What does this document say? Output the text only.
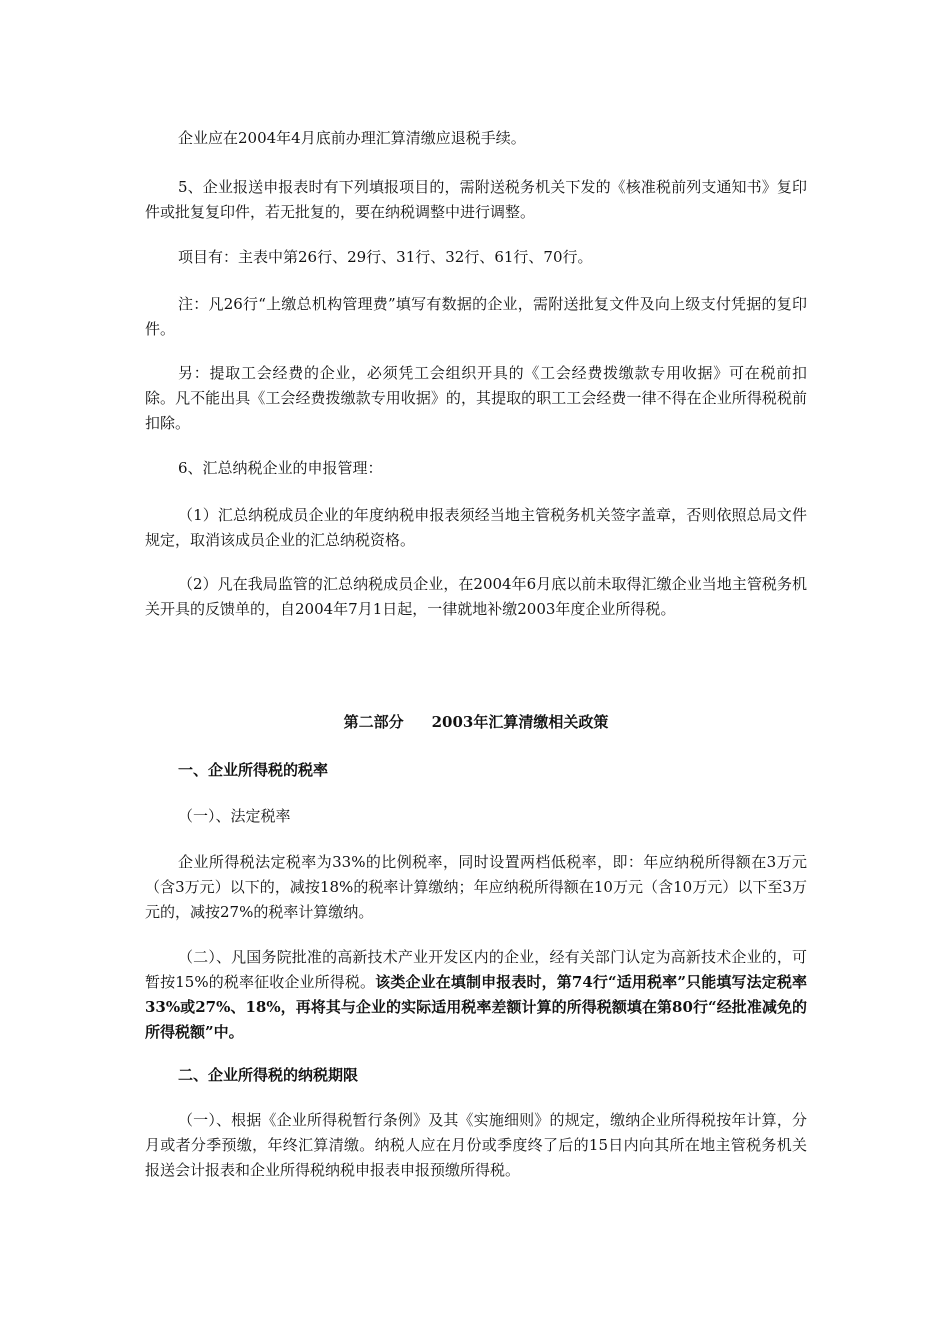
企业应在2004年4月底前办理汇算清缴应退税手续。

5、企业报送申报表时有下列填报项目的，需附送税务机关下发的《核准税前列支通知书》复印件或批复复印件，若无批复的，要在纳税调整中进行调整。

项目有：主表中第26行、29行、31行、32行、61行、70行。

注：凡26行“上缴总机构管理费”填写有数据的企业，需附送批复文件及向上级支付凭据的复印件。

另：提取工会经费的企业，必须凭工会组织开具的《工会经费拨缴款专用收据》可在税前扣除。凡不能出具《工会经费拨缴款专用收据》的，其提取的职工工会经费一律不得在企业所得税税前扣除。

6、汇总纳税企业的申报管理：

（1）汇总纳税成员企业的年度纳税申报表须经当地主管税务机关签字盖章，否则依照总局文件规定，取消该成员企业的汇总纳税资格。

（2）凡在我局监管的汇总纳税成员企业，在2004年6月底以前未取得汇缴企业当地主管税务机关开具的反馈单的，自2004年7月1日起，一律就地补缴2003年度企业所得税。

第二部分 2003年汇算清缴相关政策

一、企业所得税的税率

（一）、法定税率

企业所得税法定税率为33%的比例税率，同时设置两档低税率，即：年应纳税所得额在3万元（含3万元）以下的，减按18%的税率计算缴纳；年应纳税所得额在10万元（含10万元）以下至3万元的，减按27%的税率计算缴纳。

（二）、凡国务院批准的高新技术产业开发区内的企业，经有关部门认定为高新技术企业的，可暂按15%的税率征收企业所得税。该类企业在填制申报表时，第74行“适用税率”只能填写法定税率33%或27%、18%，再将其与企业的实际适用税率差额计算的所得税额填在第80行“经批准减免的所得税额”中。

二、企业所得税的纳税期限

（一）、根据《企业所得税暂行条例》及其《实施细则》的规定，缴纳企业所得税按年计算，分月或者分季预缴，年终汇算清缴。纳税人应在月份或季度终了后的15日内向其所在地主管税务机关报送会计报表和企业所得税纳税申报表申报预缴所得税。
